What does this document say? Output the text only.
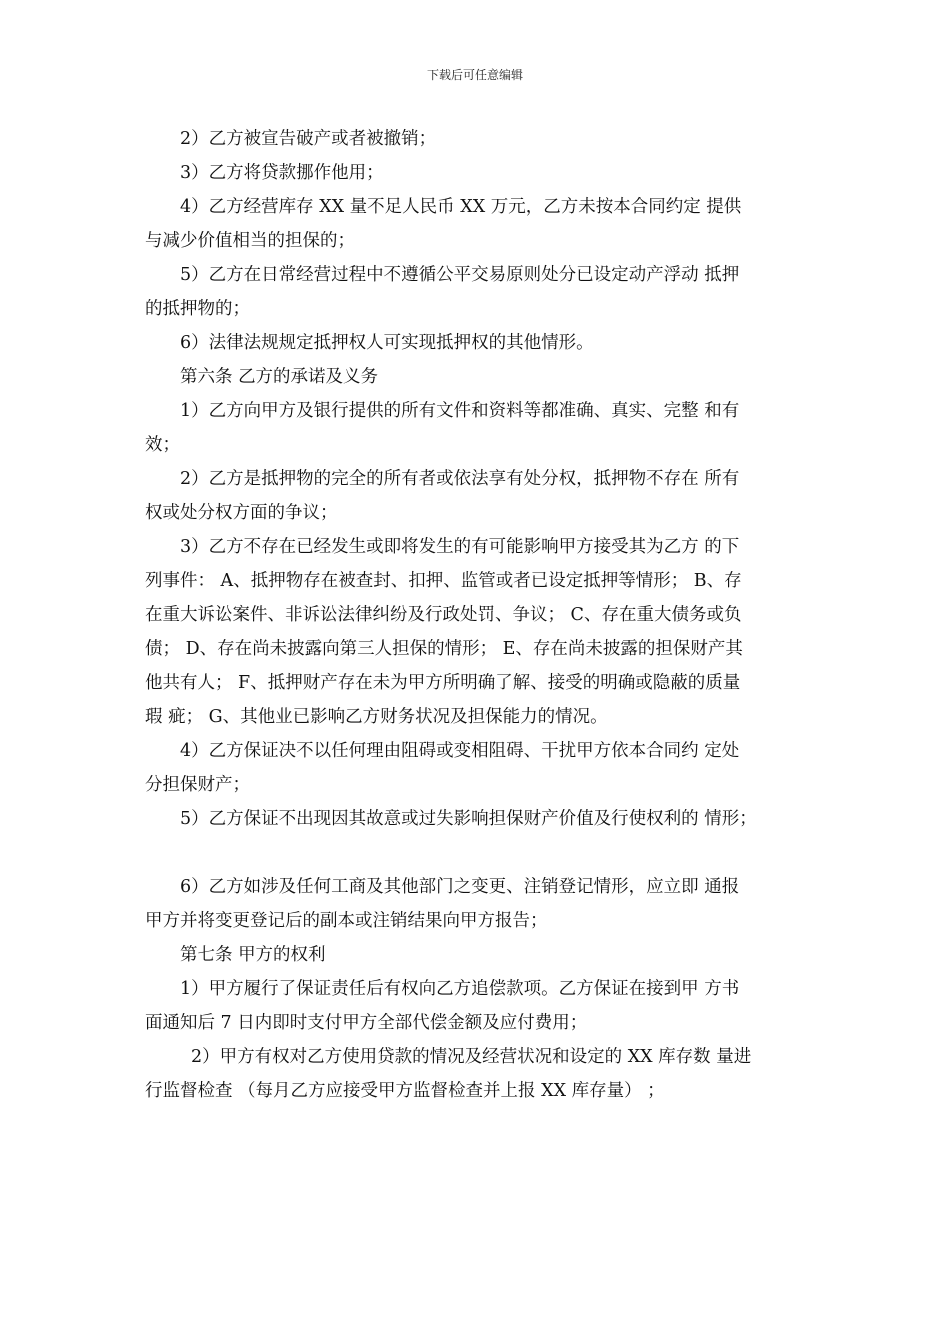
下载后可任意编辑
2）乙方被宣告破产或者被撤销；
3）乙方将贷款挪作他用；
4）乙方经营库存 XX 量不足人民币 XX 万元，乙方未按本合同约定 提供
与减少价值相当的担保的；
5）乙方在日常经营过程中不遵循公平交易原则处分已设定动产浮动 抵押
的抵押物的；
6）法律法规规定抵押权人可实现抵押权的其他情形。
第六条 乙方的承诺及义务
1）乙方向甲方及银行提供的所有文件和资料等都准确、真实、完整 和有
效；
2）乙方是抵押物的完全的所有者或依法享有处分权，抵押物不存在 所有
权或处分权方面的争议；
3）乙方不存在已经发生或即将发生的有可能影响甲方接受其为乙方 的下
列事件： A、抵押物存在被查封、扣押、监管或者已设定抵押等情形； B、存
在重大诉讼案件、非诉讼法律纠纷及行政处罚、争议； C、存在重大债务或负
债； D、存在尚未披露向第三人担保的情形； E、存在尚未披露的担保财产其
他共有人； F、抵押财产存在未为甲方所明确了解、接受的明确或隐蔽的质量
瑕 疵； G、其他业已影响乙方财务状况及担保能力的情况。
4）乙方保证决不以任何理由阻碍或变相阻碍、干扰甲方依本合同约 定处
分担保财产；
5）乙方保证不出现因其故意或过失影响担保财产价值及行使权利的 情形；
6）乙方如涉及任何工商及其他部门之变更、注销登记情形，应立即 通报
甲方并将变更登记后的副本或注销结果向甲方报告；
第七条 甲方的权利
1）甲方履行了保证责任后有权向乙方追偿款项。乙方保证在接到甲 方书
面通知后 7 日内即时支付甲方全部代偿金额及应付费用；
2）甲方有权对乙方使用贷款的情况及经营状况和设定的 XX 库存数 量进
行监督检查 （每月乙方应接受甲方监督检查并上报 XX 库存量） ；
